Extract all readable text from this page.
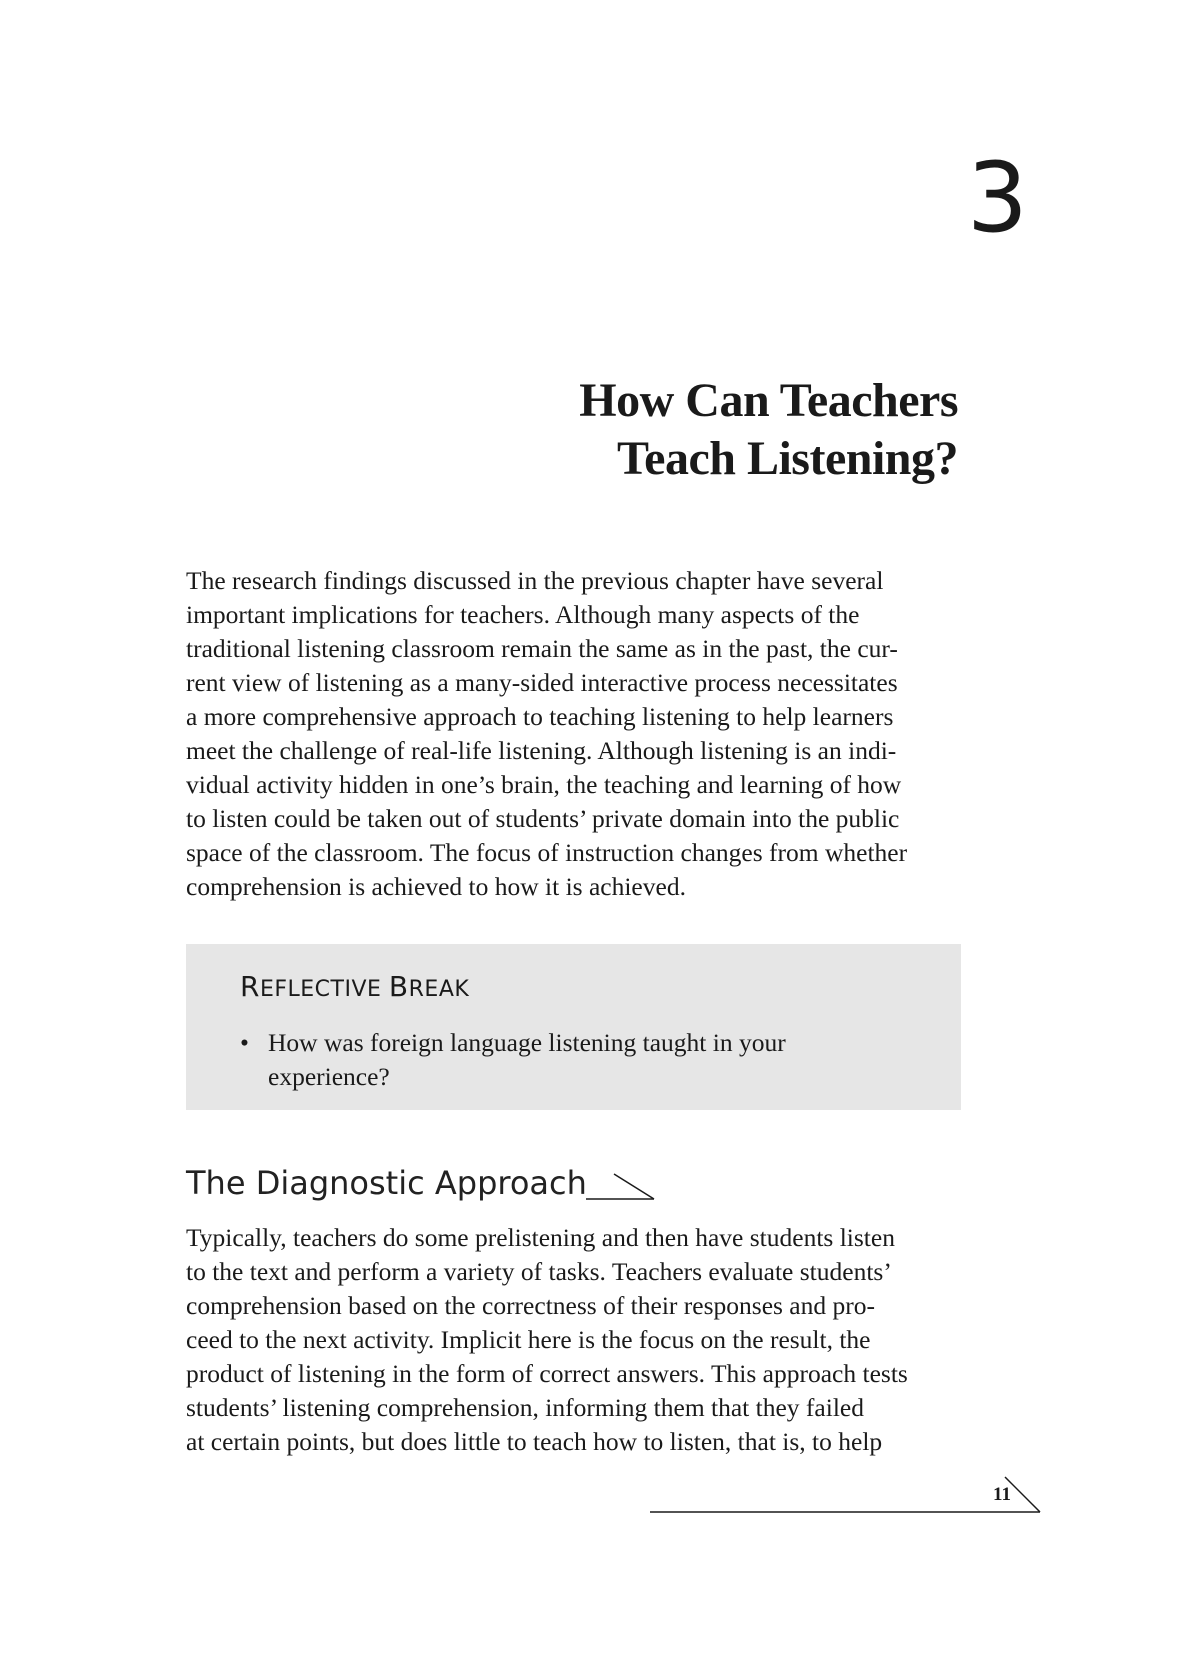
3
How Can Teachers
Teach Listening?

The research findings discussed in the previous chapter have several
important implications for teachers. Although many aspects of the
traditional listening classroom remain the same as in the past, the cur-
rent view of listening as a many-sided interactive process necessitates
a more comprehensive approach to teaching listening to help learners
meet the challenge of real-life listening. Although listening is an indi-
vidual activity hidden in one’s brain, the teaching and learning of how
to listen could be taken out of students’ private domain into the public
space of the classroom. The focus of instruction changes from whether
comprehension is achieved to how it is achieved.

REFLECTIVE BREAK
• How was foreign language listening taught in your
experience?
The Diagnostic Approach

Typically, teachers do some prelistening and then have students listen
to the text and perform a variety of tasks. Teachers evaluate students’
comprehension based on the correctness of their responses and pro-
ceed to the next activity. Implicit here is the focus on the result, the
product of listening in the form of correct answers. This approach tests
students’ listening comprehension, informing them that they failed
at certain points, but does little to teach how to listen, that is, to help

11
